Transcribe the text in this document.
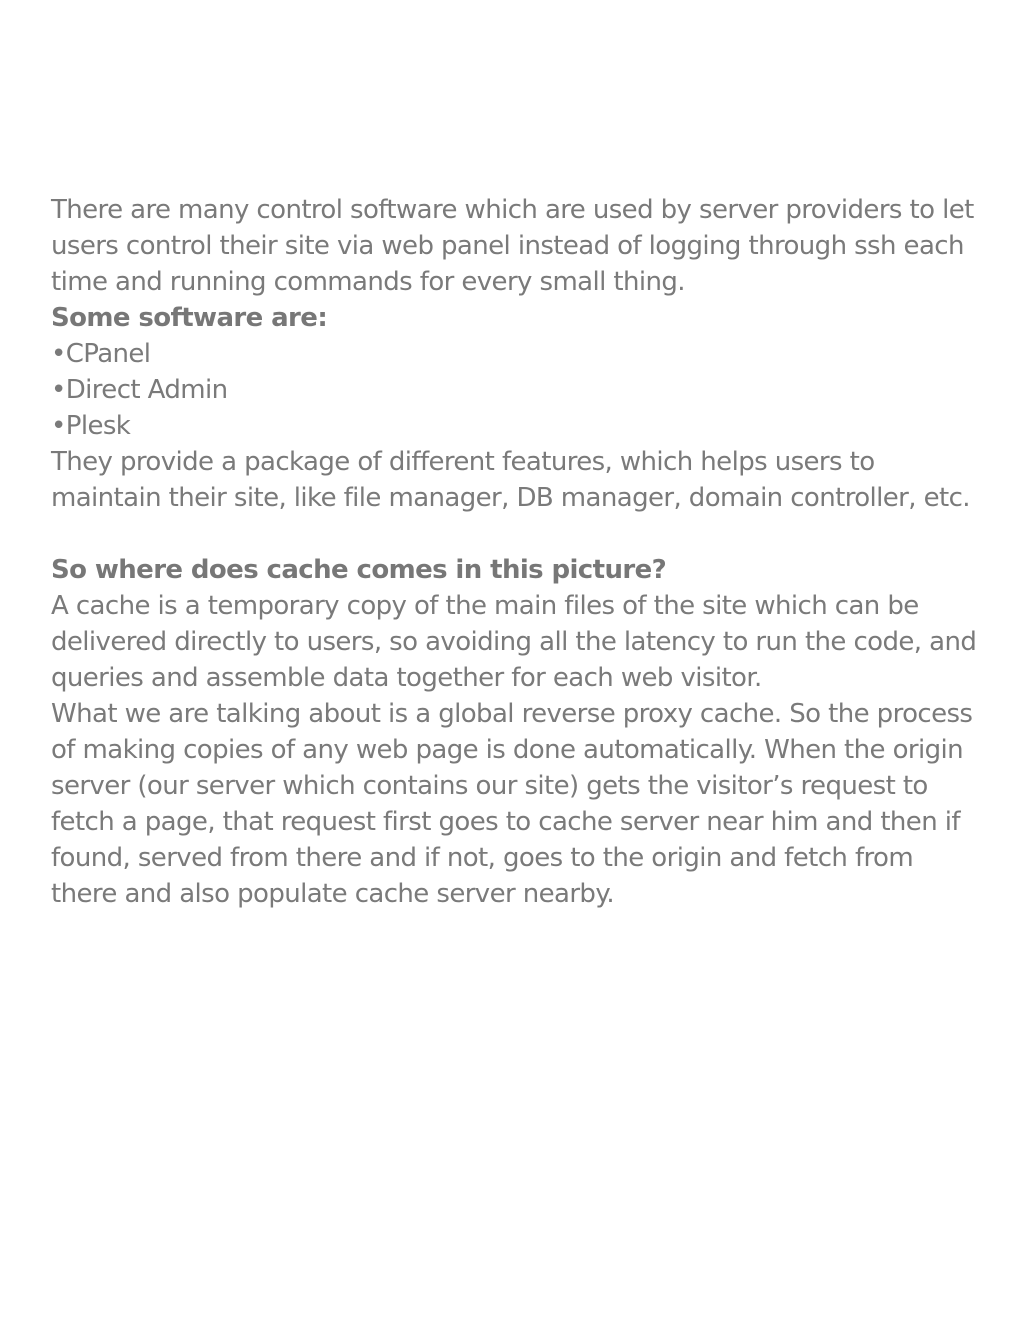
There are many control software which are used by server providers to let users control their site via web panel instead of logging through ssh each time and running commands for every small thing.

Some software are:

•CPanel
•Direct Admin
•Plesk

They provide a package of different features, which helps users to maintain their site, like file manager, DB manager, domain controller, etc.

So where does cache comes in this picture?

A cache is a temporary copy of the main files of the site which can be delivered directly to users, so avoiding all the latency to run the code, and queries and assemble data together for each web visitor.

What we are talking about is a global reverse proxy cache. So the process of making copies of any web page is done automatically. When the origin server (our server which contains our site) gets the visitor’s request to fetch a page, that request first goes to cache server near him and then if found, served from there and if not, goes to the origin and fetch from there and also populate cache server nearby.
